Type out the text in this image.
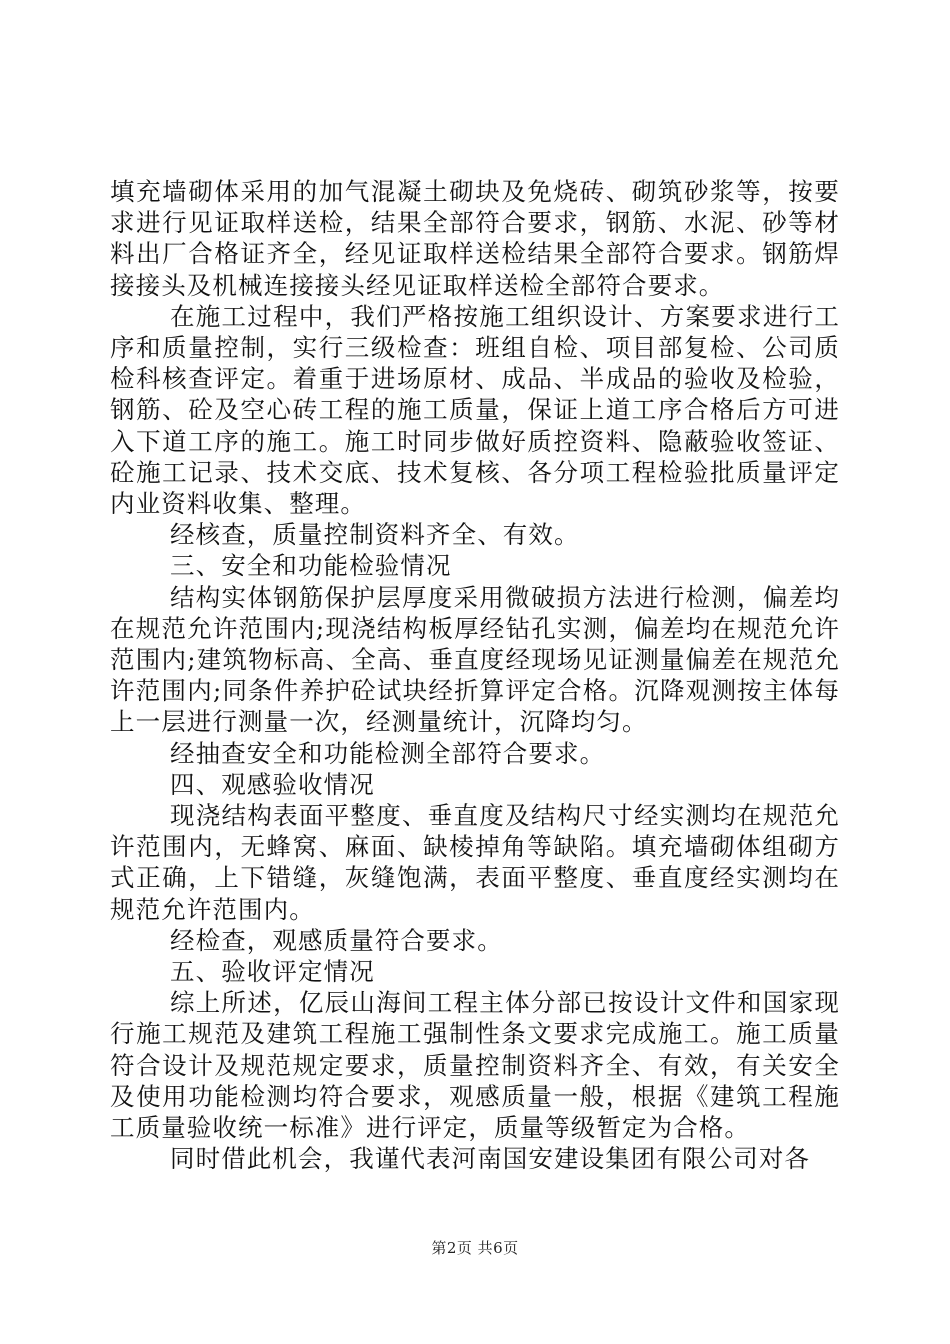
填充墙砌体采用的加气混凝土砌块及免烧砖、砌筑砂浆等，按要求进行见证取样送检，结果全部符合要求，钢筋、水泥、砂等材料出厂合格证齐全，经见证取样送检结果全部符合要求。钢筋焊接接头及机械连接接头经见证取样送检全部符合要求。

在施工过程中，我们严格按施工组织设计、方案要求进行工序和质量控制，实行三级检查：班组自检、项目部复检、公司质检科核查评定。着重于进场原材、成品、半成品的验收及检验，钢筋、砼及空心砖工程的施工质量，保证上道工序合格后方可进入下道工序的施工。施工时同步做好质控资料、隐蔽验收签证、砼施工记录、技术交底、技术复核、各分项工程检验批质量评定内业资料收集、整理。

经核查，质量控制资料齐全、有效。

三、安全和功能检验情况

结构实体钢筋保护层厚度采用微破损方法进行检测，偏差均在规范允许范围内;现浇结构板厚经钻孔实测，偏差均在规范允许范围内;建筑物标高、全高、垂直度经现场见证测量偏差在规范允许范围内;同条件养护砼试块经折算评定合格。沉降观测按主体每上一层进行测量一次，经测量统计，沉降均匀。

经抽查安全和功能检测全部符合要求。

四、观感验收情况

现浇结构表面平整度、垂直度及结构尺寸经实测均在规范允许范围内，无蜂窝、麻面、缺棱掉角等缺陷。填充墙砌体组砌方式正确，上下错缝，灰缝饱满，表面平整度、垂直度经实测均在规范允许范围内。

经检查，观感质量符合要求。

五、验收评定情况

综上所述，亿辰山海间工程主体分部已按设计文件和国家现行施工规范及建筑工程施工强制性条文要求完成施工。施工质量符合设计及规范规定要求，质量控制资料齐全、有效，有关安全及使用功能检测均符合要求，观感质量一般，根据《建筑工程施工质量验收统一标准》进行评定，质量等级暂定为合格。

同时借此机会，我谨代表河南国安建设集团有限公司对各

第2页 共6页
